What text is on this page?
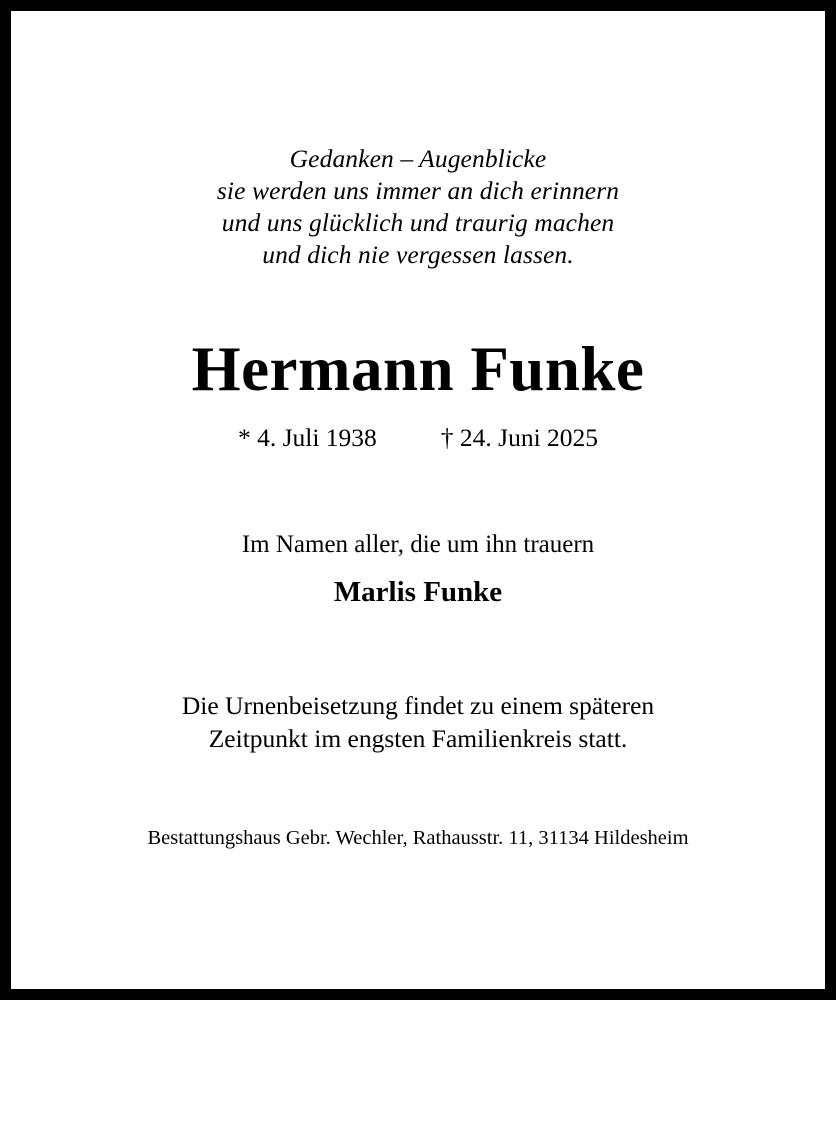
Gedanken – Augenblicke
sie werden uns immer an dich erinnern
und uns glücklich und traurig machen
und dich nie vergessen lassen.
Hermann Funke
* 4. Juli 1938	† 24. Juni 2025
Im Namen aller, die um ihn trauern
Marlis Funke
Die Urnenbeisetzung findet zu einem späteren
Zeitpunkt im engsten Familienkreis statt.
Bestattungshaus Gebr. Wechler, Rathausstr. 11, 31134 Hildesheim
